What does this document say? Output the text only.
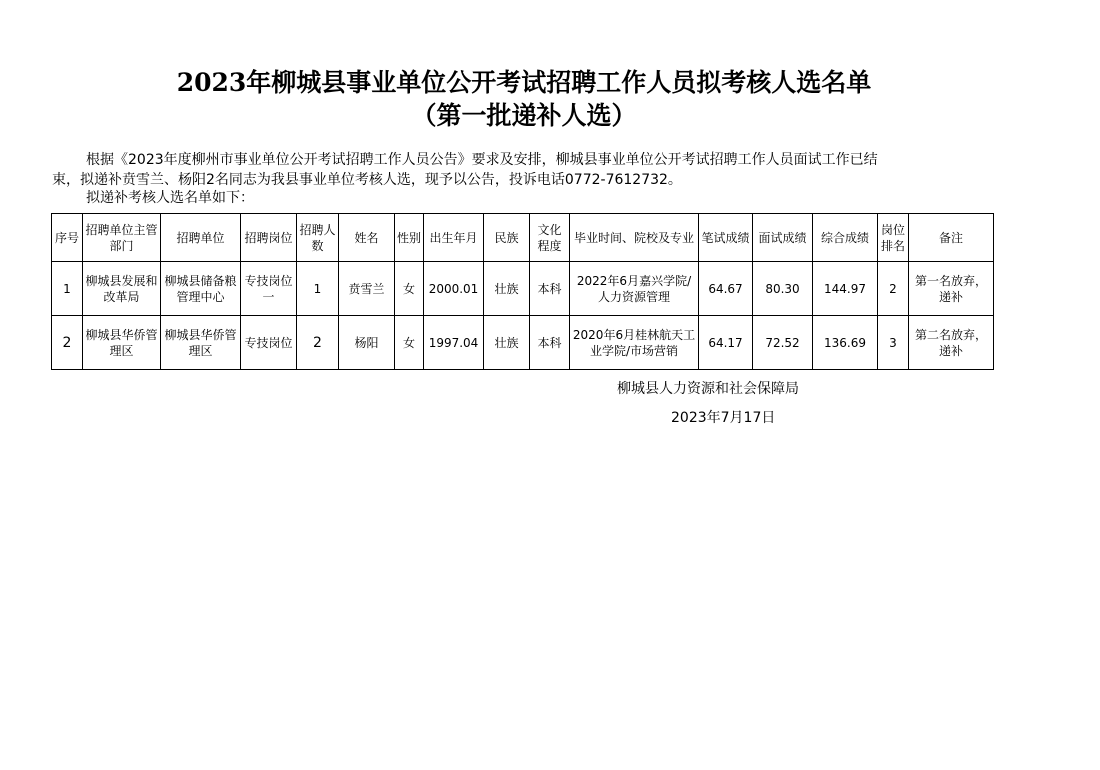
2023年柳城县事业单位公开考试招聘工作人员拟考核人选名单
（第一批递补人选）
根据《2023年度柳州市事业单位公开考试招聘工作人员公告》要求及安排，柳城县事业单位公开考试招聘工作人员面试工作已结
束，拟递补贲雪兰、杨阳2名同志为我县事业单位考核人选，现予以公告，投诉电话0772-7612732。
拟递补考核人选名单如下：
序号	招聘单位主管部门	招聘单位	招聘岗位	招聘人数	姓名	性别	出生年月	民族	文化程度	毕业时间、院校及专业	笔试成绩	面试成绩	综合成绩	岗位排名	备注
1	柳城县发展和改革局	柳城县储备粮管理中心	专技岗位一	1	贲雪兰	女	2000.01	壮族	本科	2022年6月嘉兴学院/人力资源管理	64.67	80.30	144.97	2	第一名放弃，递补
2	柳城县华侨管理区	柳城县华侨管理区	专技岗位	2	杨阳	女	1997.04	壮族	本科	2020年6月桂林航天工业学院/市场营销	64.17	72.52	136.69	3	第二名放弃，递补
柳城县人力资源和社会保障局
2023年7月17日
